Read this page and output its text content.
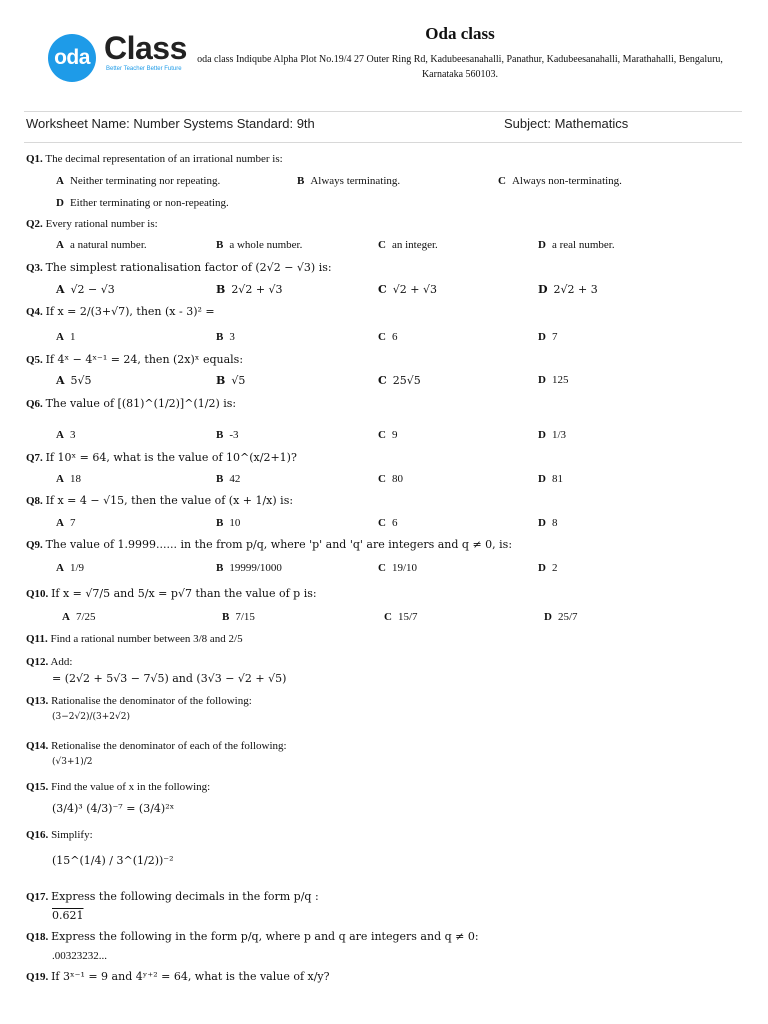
oda Class
Better Teacher Better Future
Oda class
oda class Indiqube Alpha Plot No.19/4 27 Outer Ring Rd, Kadubeesanahalli, Panathur, Kadubeesanahalli, Marathahalli, Bengaluru, Karnataka 560103.
Worksheet Name: Number Systems Standard: 9th	Subject: Mathematics
Q1. The decimal representation of an irrational number is:
A Neither terminating nor repeating.	B Always terminating.	C Always non-terminating.
D Either terminating or non-repeating.
Q2. Every rational number is:
A a natural number.	B a whole number.	C an integer.	D a real number.
Q3. The simplest rationalisation factor of (2√2 − √3) is:
A √2 − √3	B 2√2 + √3	C √2 + √3	D 2√2 + 3
Q4. If x = 2/(3+√7), then (x - 3)² =
A 1	B 3	C 6	D 7
Q5. If 4ˣ − 4ˣ⁻¹ = 24, then (2x)ˣ equals:
A 5√5	B √5	C 25√5	D 125
Q6. The value of [(81)^(1/2)]^(1/2) is:
A 3	B -3	C 9	D 1/3
Q7. If 10ˣ = 64, what is the value of 10^(x/2+1)?
A 18	B 42	C 80	D 81
Q8. If x = 4 − √15, then the value of (x + 1/x) is:
A 7	B 10	C 6	D 8
Q9. The value of 1.9999...... in the from p/q, where 'p' and 'q' are integers and q ≠ 0, is:
A 1/9	B 19999/1000	C 19/10	D 2
Q10. If x = √7/5 and 5/x = p√7 than the value of p is:
A 7/25	B 7/15	C 15/7	D 25/7
Q11. Find a rational number between 3/8 and 2/5
Q12. Add:
= (2√2 + 5√3 − 7√5) and (3√3 − √2 + √5)
Q13. Rationalise the denominator of the following:
(3−2√2)/(3+2√2)
Q14. Retionalise the denominator of each of the following:
(√3+1)/2
Q15. Find the value of x in the following:
(3/4)³ (4/3)⁻⁷ = (3/4)²ˣ
Q16. Simplify:
(15^(1/4) / 3^(1/2))⁻²
Q17. Express the following decimals in the form p/q :
0.621
Q18. Express the following in the form p/q, where p and q are integers and q ≠ 0:
.00323232...
Q19. If 3ˣ⁻¹ = 9 and 4ʸ⁺² = 64, what is the value of x/y?
